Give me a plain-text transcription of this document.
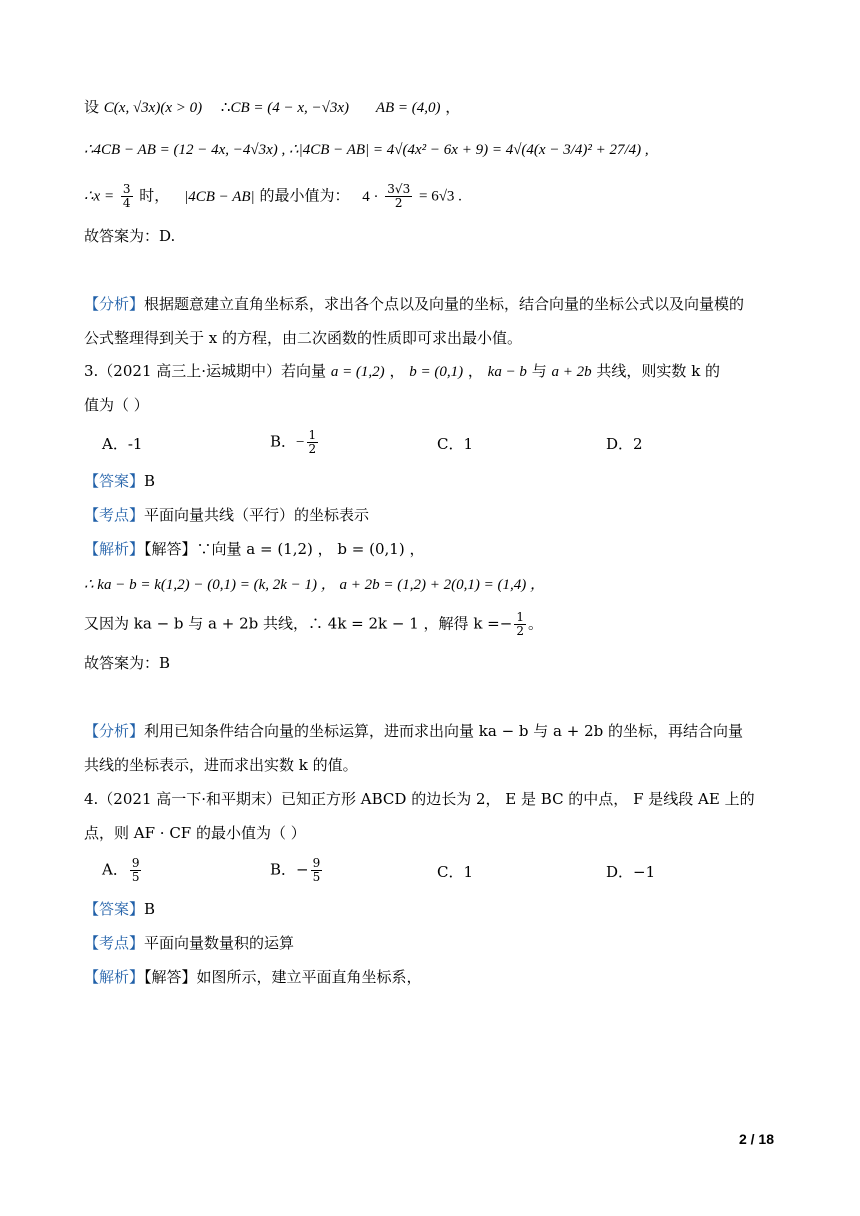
设 C(x, √3x)(x > 0) ∴CB = (4 − x, −√3x) AB = (4,0) ，
∴4CB − AB = (12 − 4x, −4√3x) , ∴|4CB − AB| = 4√(4x² − 6x + 9) = 4√(4(x − 3/4)² + 27/4) ,
∴x = $\frac{3}{4}$ 时， |4CB − AB| 的最小值为： $4 \cdot \frac{3√3}{2} = 6√3$ .
故答案为：D.
【分析】根据题意建立直角坐标系，求出各个点以及向量的坐标，结合向量的坐标公式以及向量模的
公式整理得到关于 x 的方程，由二次函数的性质即可求出最小值。
3.（2021 高三上·运城期中）若向量 a = (1,2) ， b = (0,1) ， ka − b 与 a + 2b 共线，则实数 k 的
值为（ ）
A．-1	B．− $\frac{1}{2}$	C．1	D．2
【答案】B
【考点】平面向量共线（平行）的坐标表示
【解析】【解答】∵向量 a = (1,2) ， b = (0,1) ，
∴ ka − b = k(1,2) − (0,1) = (k, 2k − 1) ， a + 2b = (1,2) + 2(0,1) = (1,4) ，
又因为 ka − b 与 a + 2b 共线，∴ 4k = 2k − 1 ，解得 $k =- \frac{1}{2}$ 。
故答案为：B
【分析】利用已知条件结合向量的坐标运算，进而求出向量 ka − b 与 a + 2b 的坐标，再结合向量
共线的坐标表示，进而求出实数 k 的值。
4.（2021 高一下·和平期末）已知正方形 ABCD 的边长为 2， E 是 BC 的中点， F 是线段 AE 上的
点，则 AF · CF 的最小值为（ ）
A． $\frac{9}{5}$	B．− $\frac{9}{5}$	C．1	D．−1
【答案】B
【考点】平面向量数量积的运算
【解析】【解答】如图所示，建立平面直角坐标系，
2 / 18
